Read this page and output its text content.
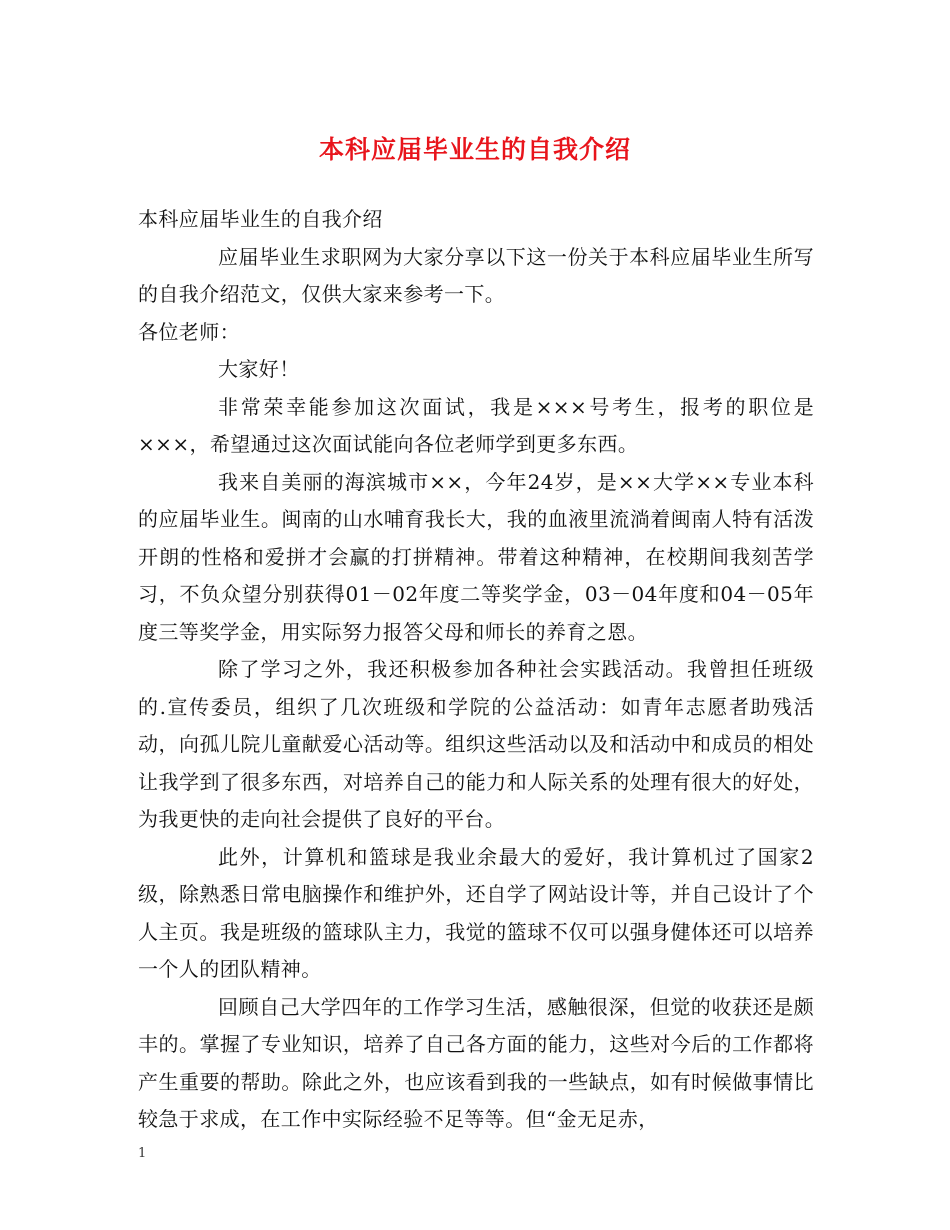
本科应届毕业生的自我介绍

本科应届毕业生的自我介绍

应届毕业生求职网为大家分享以下这一份关于本科应届毕业生所写的自我介绍范文，仅供大家来参考一下。

各位老师：

大家好！

非常荣幸能参加这次面试，我是×××号考生，报考的职位是×××，希望通过这次面试能向各位老师学到更多东西。

我来自美丽的海滨城市××，今年24岁，是××大学××专业本科的应届毕业生。闽南的山水哺育我长大，我的血液里流淌着闽南人特有活泼开朗的性格和爱拼才会赢的打拼精神。带着这种精神，在校期间我刻苦学习，不负众望分别获得01－02年度二等奖学金，03－04年度和04－05年度三等奖学金，用实际努力报答父母和师长的养育之恩。

除了学习之外，我还积极参加各种社会实践活动。我曾担任班级的.宣传委员，组织了几次班级和学院的公益活动：如青年志愿者助残活动，向孤儿院儿童献爱心活动等。组织这些活动以及和活动中和成员的相处让我学到了很多东西，对培养自己的能力和人际关系的处理有很大的好处，为我更快的走向社会提供了良好的平台。

此外，计算机和篮球是我业余最大的爱好，我计算机过了国家2级，除熟悉日常电脑操作和维护外，还自学了网站设计等，并自己设计了个人主页。我是班级的篮球队主力，我觉的篮球不仅可以强身健体还可以培养一个人的团队精神。

回顾自己大学四年的工作学习生活，感触很深，但觉的收获还是颇丰的。掌握了专业知识，培养了自己各方面的能力，这些对今后的工作都将产生重要的帮助。除此之外，也应该看到我的一些缺点，如有时候做事情比较急于求成，在工作中实际经验不足等等。但“金无足赤，

1
